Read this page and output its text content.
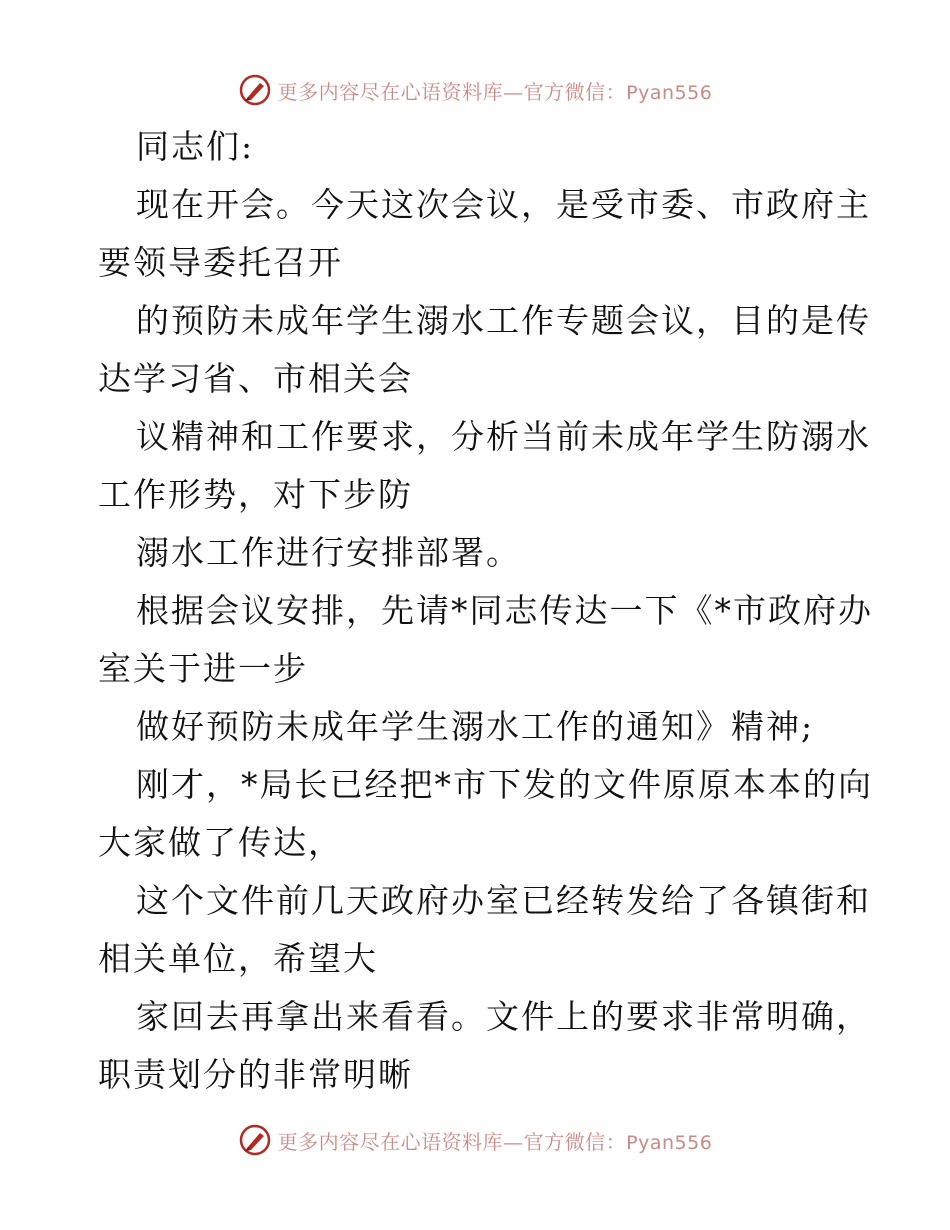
更多内容尽在心语资料库—官方微信：Pyan556

同志们:

现在开会。今天这次会议，是受市委、市政府主
要领导委托召开

的预防未成年学生溺水工作专题会议，目的是传
达学习省、市相关会

议精神和工作要求，分析当前未成年学生防溺水
工作形势，对下步防

溺水工作进行安排部署。

根据会议安排，先请*同志传达一下《*市政府办
室关于进一步

做好预防未成年学生溺水工作的通知》精神;

刚才，*局长已经把*市下发的文件原原本本的向
大家做了传达，

这个文件前几天政府办室已经转发给了各镇街和
相关单位，希望大

家回去再拿出来看看。文件上的要求非常明确，
职责划分的非常明晰

更多内容尽在心语资料库—官方微信：Pyan556
